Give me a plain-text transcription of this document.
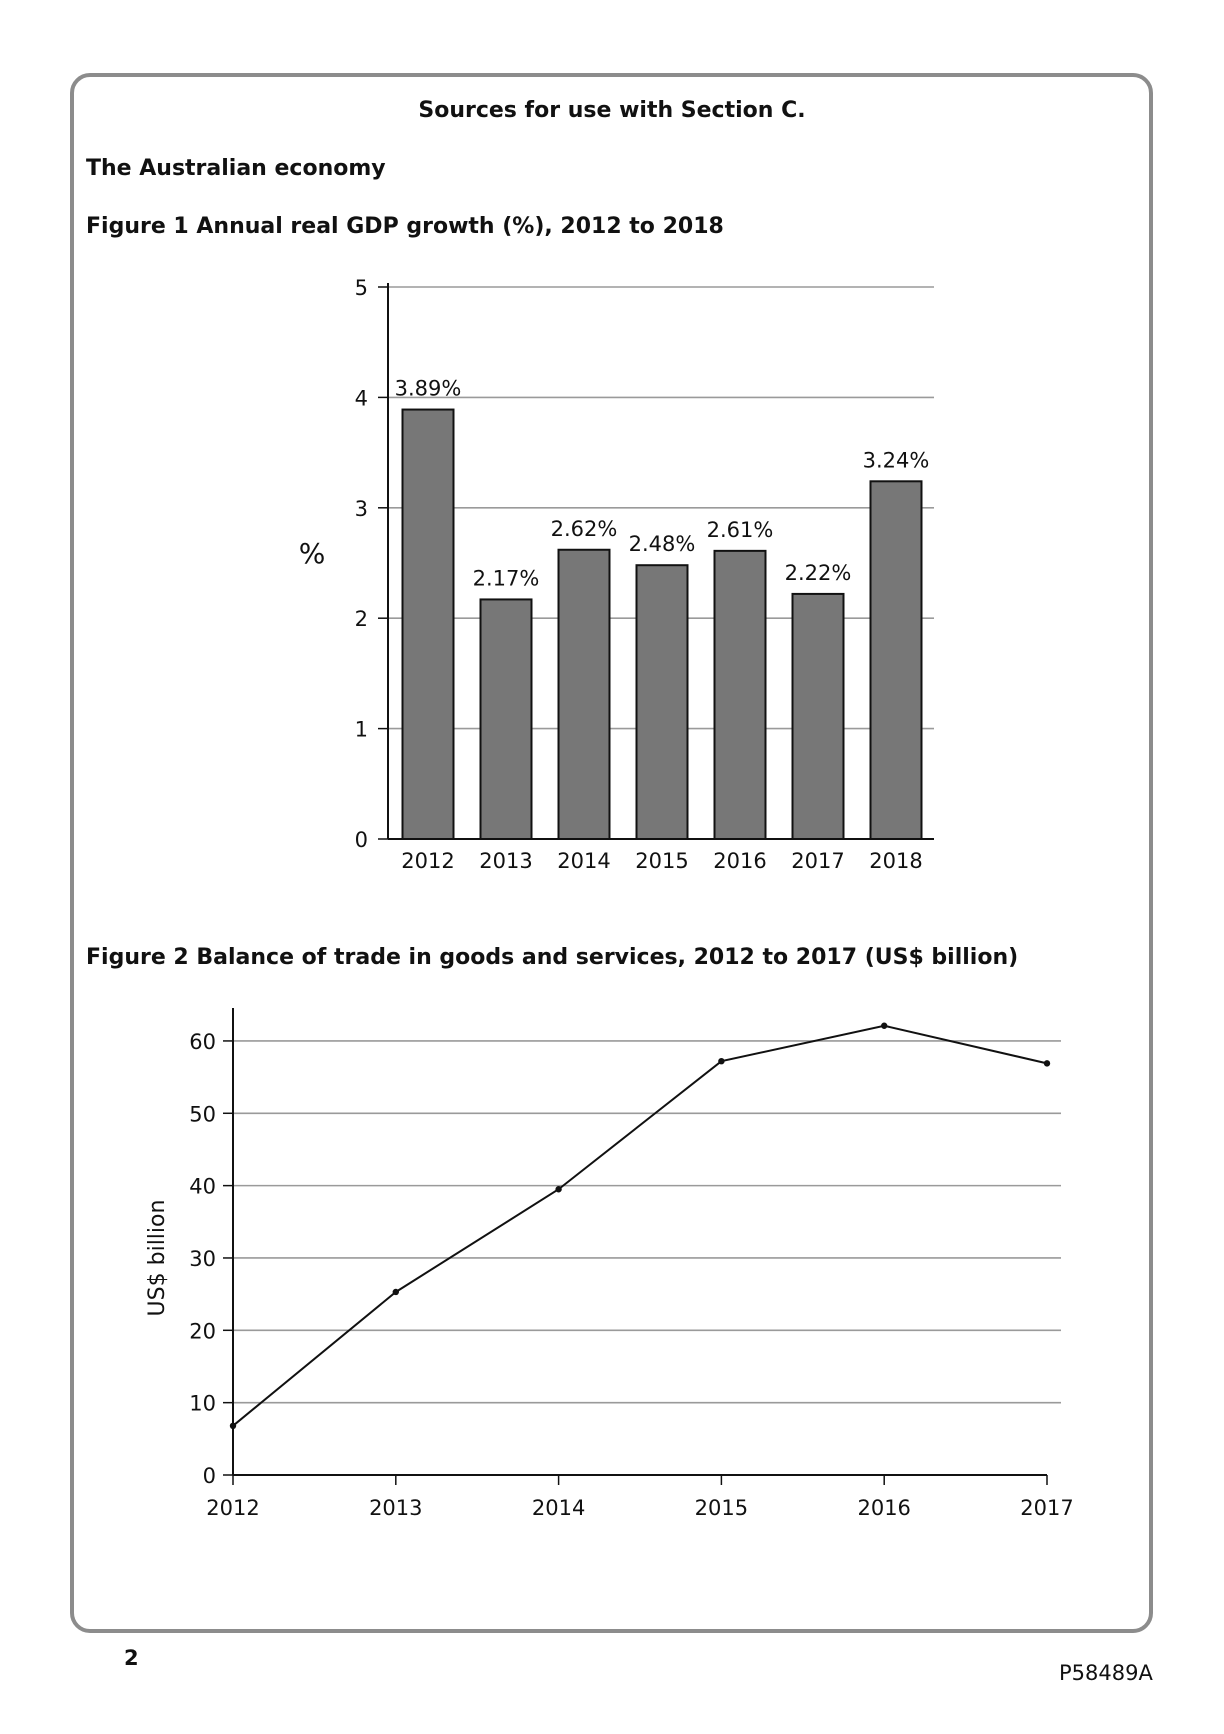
Sources for use with Section C.
The Australian economy
Figure 1 Annual real GDP growth (%), 2012 to 2018
Figure 2 Balance of trade in goods and services, 2012 to 2017 (US$ billion)
0
1
2
3
4
5
%
3.89%
2012
2.17%
2013
2.62%
2014
2.48%
2015
2.61%
2016
2.22%
2017
3.24%
2018
0
10
20
30
40
50
60
US$ billion
2012	2013	2014	2015	2016	2017
2
P58489A
